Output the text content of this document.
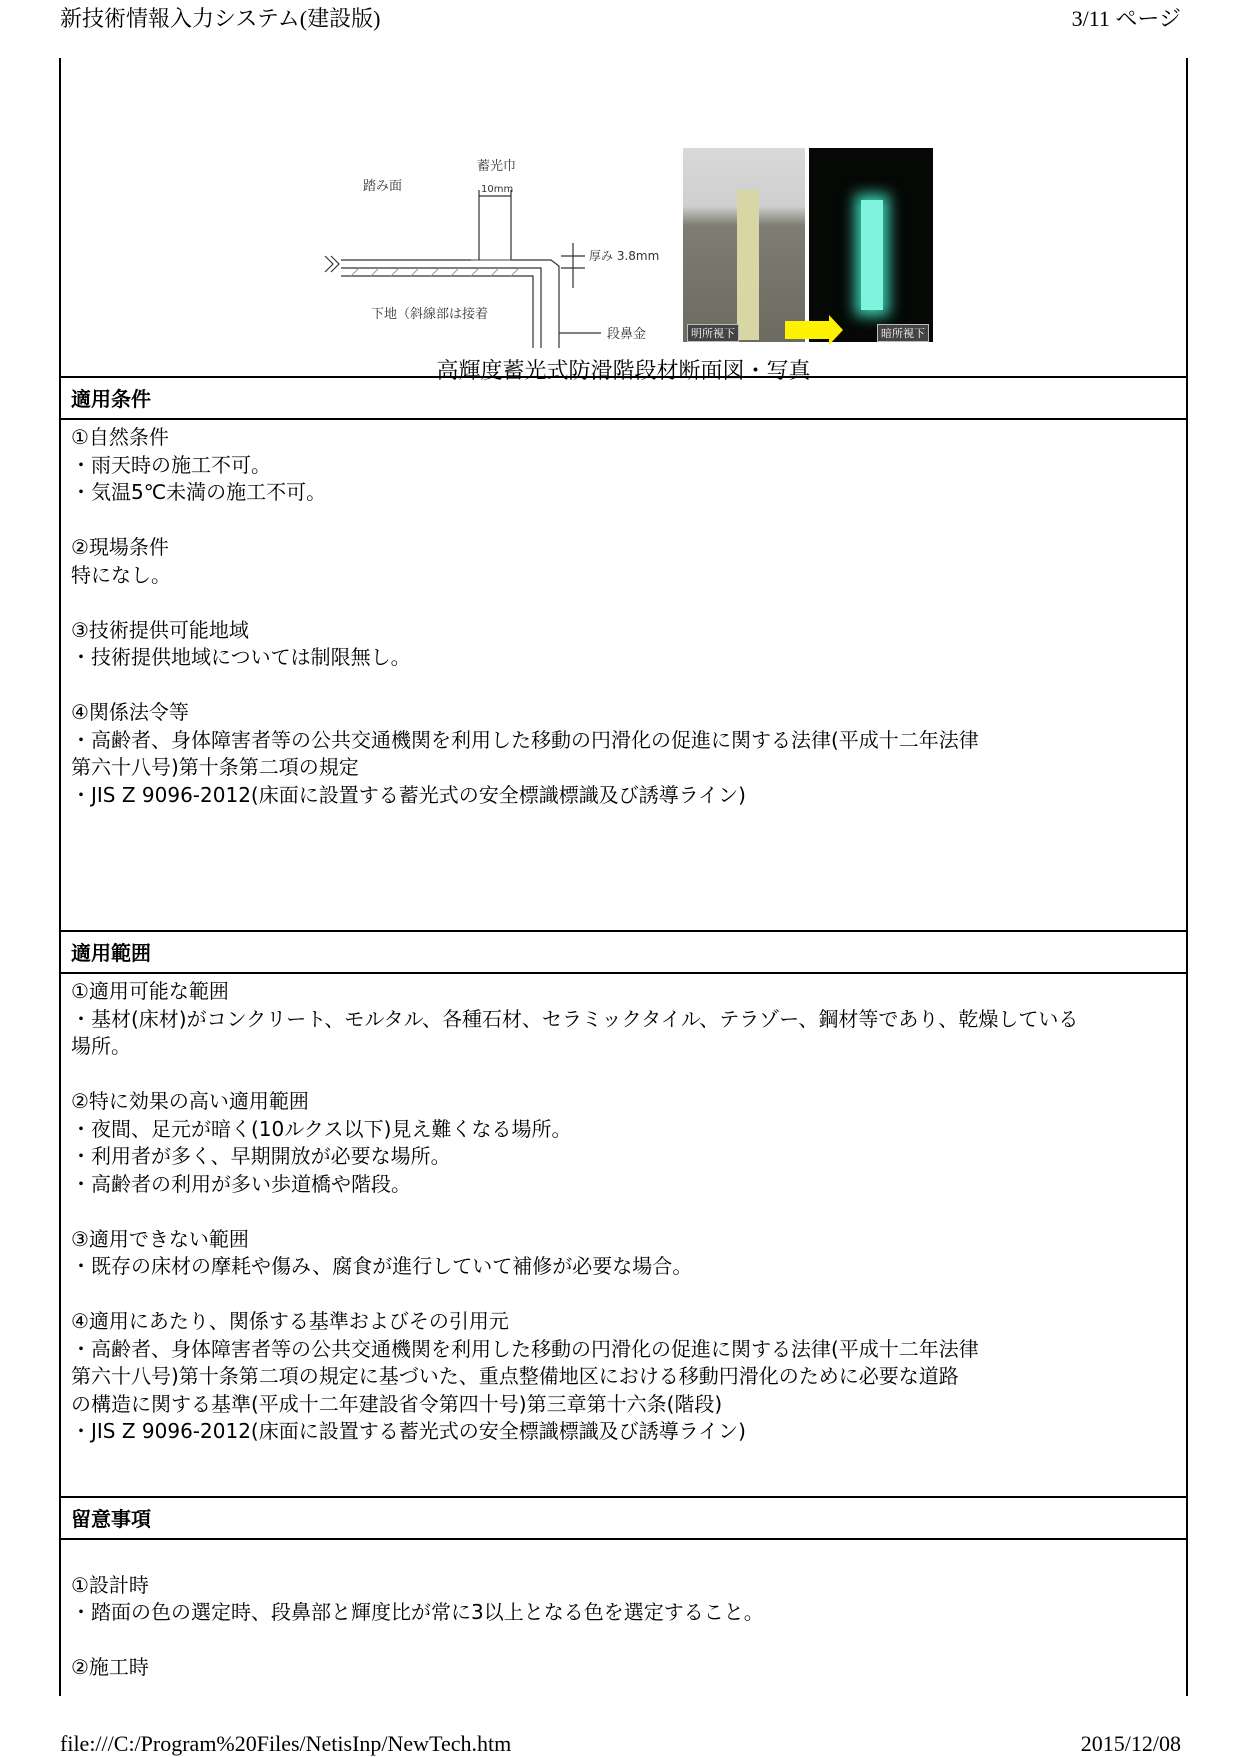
新技術情報入力システム(建設版)	3/11 ページ
踏み面
蓄光巾
10mm
厚み 3.8mm
下地（斜線部は接着
段鼻金	明所視下	暗所視下
高輝度蓄光式防滑階段材断面図・写真
適用条件

①自然条件

・雨天時の施工不可。

・気温5℃未満の施工不可。

②現場条件

特になし。

③技術提供可能地域

・技術提供地域については制限無し。

④関係法令等

・高齢者、身体障害者等の公共交通機関を利用した移動の円滑化の促進に関する法律(平成十二年法律

第六十八号)第十条第二項の規定

・JIS Z 9096-2012(床面に設置する蓄光式の安全標識標識及び誘導ライン)

適用範囲

①適用可能な範囲

・基材(床材)がコンクリート、モルタル、各種石材、セラミックタイル、テラゾー、鋼材等であり、乾燥している

場所。

②特に効果の高い適用範囲

・夜間、足元が暗く(10ルクス以下)見え難くなる場所。

・利用者が多く、早期開放が必要な場所。

・高齢者の利用が多い歩道橋や階段。

③適用できない範囲

・既存の床材の摩耗や傷み、腐食が進行していて補修が必要な場合。

④適用にあたり、関係する基準およびその引用元

・高齢者、身体障害者等の公共交通機関を利用した移動の円滑化の促進に関する法律(平成十二年法律

第六十八号)第十条第二項の規定に基づいた、重点整備地区における移動円滑化のために必要な道路

の構造に関する基準(平成十二年建設省令第四十号)第三章第十六条(階段)

・JIS Z 9096-2012(床面に設置する蓄光式の安全標識標識及び誘導ライン)

留意事項

①設計時

・踏面の色の選定時、段鼻部と輝度比が常に3以上となる色を選定すること。

②施工時

file:///C:/Program%20Files/NetisInp/NewTech.htm	2015/12/08
